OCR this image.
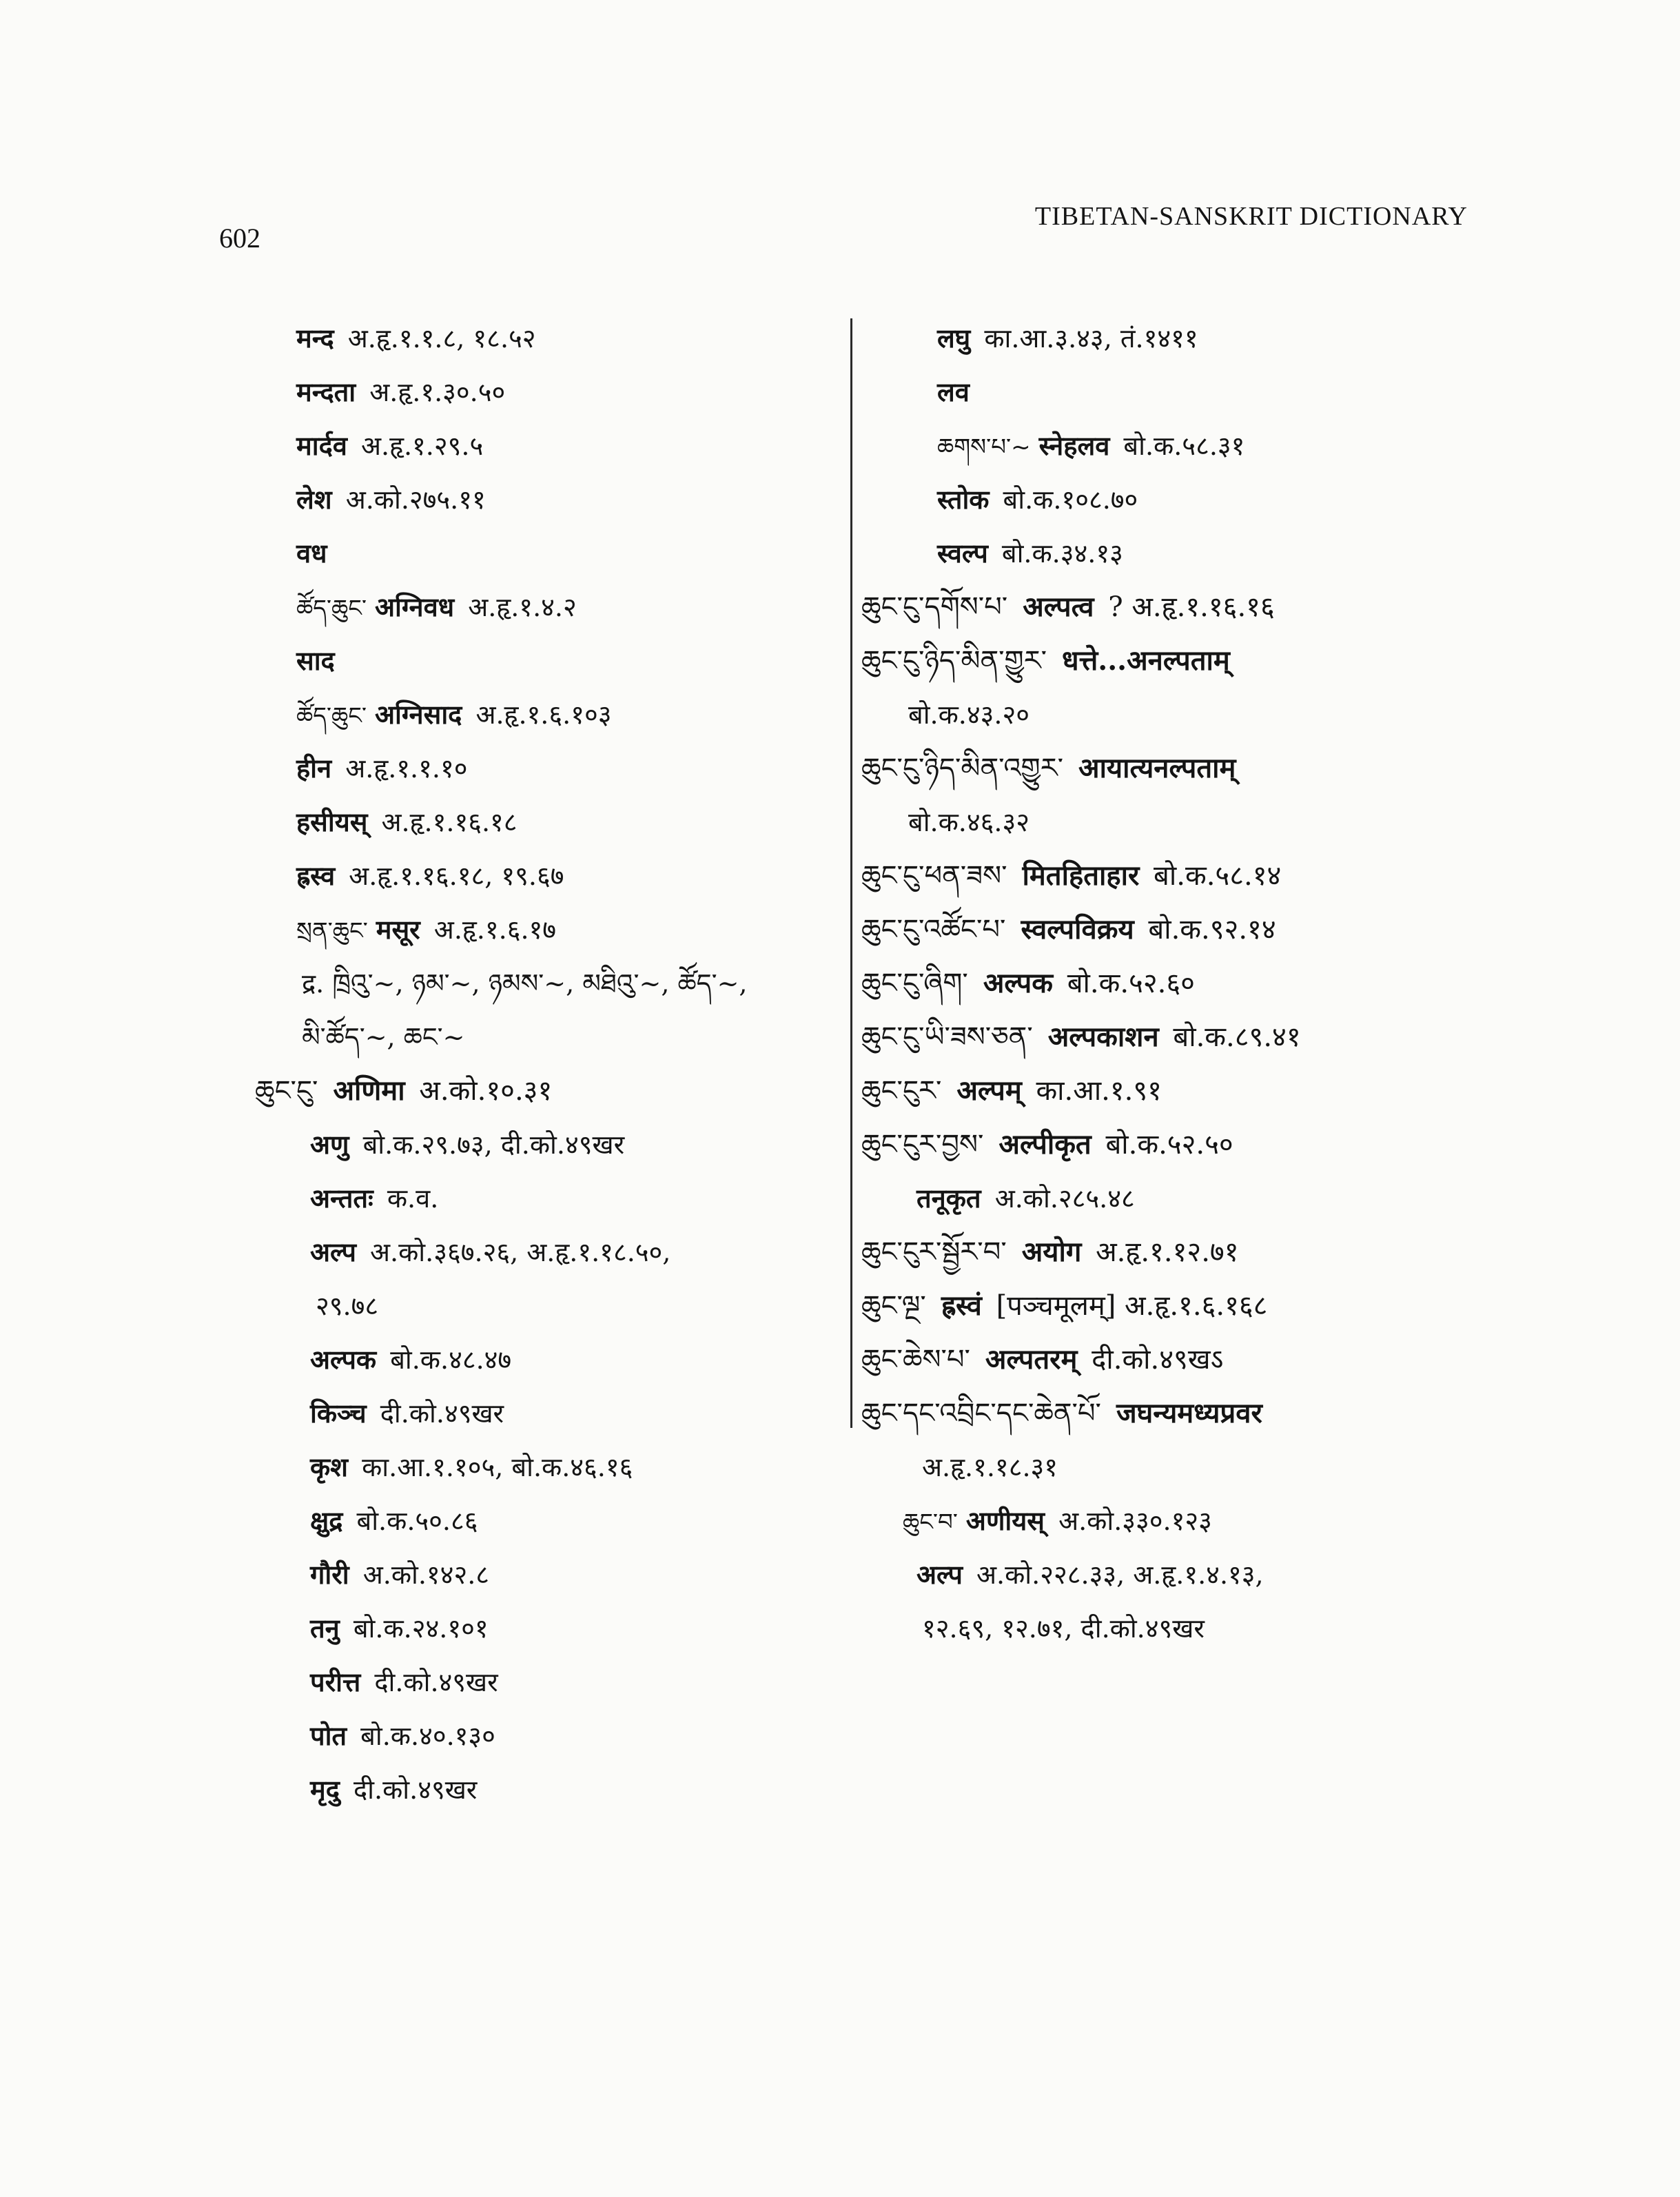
602
TIBETAN-SANSKRIT DICTIONARY
मन्द अ.हृ.१.१.८, १८.५२
मन्दता अ.हृ.१.३०.५०
मार्दव अ.हृ.१.२९.५
लेश अ.को.२७५.११
वध
ཚོད་ཆུང་ अग्निवध अ.हृ.१.४.२
साद
ཚོད་ཆུང་ अग्निसाद अ.हृ.१.६.१०३
हीन अ.हृ.१.१.१०
हसीयस् अ.हृ.१.१६.१८
ह्रस्व अ.हृ.१.१६.१८, १९.६७
སྲན་ཆུང་ मसूर अ.हृ.१.६.१७
द्र. ཁྲིའུ་~, ཉམ་~, ཉམས་~, མཐིའུ་~, ཚོད་~,
མི་ཚོད་~, ཆང་~
ཆུང་ངུ་ अणिमा अ.को.१०.३१
अणु बो.क.२९.७३, दी.को.४९खर
अन्ततः क.व.
अल्प अ.को.३६७.२६, अ.हृ.१.१८.५०,
२९.७८
अल्पक बो.क.४८.४७
किञ्च दी.को.४९खर
कृश का.आ.१.१०५, बो.क.४६.१६
क्षुद्र बो.क.५०.८६
गौरी अ.को.१४२.८
तनु बो.क.२४.१०१
परीत्त दी.को.४९खर
पोत बो.क.४०.१३०
मृदु दी.को.४९खर
लघु का.आ.३.४३, तं.१४११
लव
ཆགས་པ་~ स्नेहलव बो.क.५८.३१
स्तोक बो.क.१०८.७०
स्वल्प बो.क.३४.१३
ཆུང་ངུ་དགོས་པ་ अल्पत्व ? अ.हृ.१.१६.१६
ཆུང་ངུ་ཉིད་མིན་གྱུར་ धत्ते...अनल्पताम्
बो.क.४३.२०
ཆུང་ངུ་ཉིད་མིན་འགྱུར་ आयात्यनल्पताम्
बो.क.४६.३२
ཆུང་ངུ་ཕན་ཟས་ मितहिताहार बो.क.५८.१४
ཆུང་ངུ་འཚོང་པ་ स्वल्पविक्रय बो.क.९२.१४
ཆུང་ངུ་ཞིག་ अल्पक बो.क.५२.६०
ཆུང་ངུ་ཡི་ཟས་ཅན་ अल्पकाशन बो.क.८९.४१
ཆུང་ངུར་ अल्पम् का.आ.१.९१
ཆུང་ངུར་བྱས་ अल्पीकृत बो.क.५२.५०
तनूकृत अ.को.२८५.४८
ཆུང་ངུར་སྦྱོར་བ་ अयोग अ.हृ.१.१२.७१
ཆུང་ལྔ་ ह्रस्वं [पञ्चमूलम्] अ.हृ.१.६.१६८
ཆུང་ཆེས་པ་ अल्पतरम् दी.को.४९खऽ
ཆུང་དང་འབྲིང་དང་ཆེན་པོ་ जघन्यमध्यप्रवर
अ.हृ.१.१८.३१
ཆུང་བ་ अणीयस् अ.को.३३०.१२३
अल्प अ.को.२२८.३३, अ.हृ.१.४.१३,
१२.६९, १२.७१, दी.को.४९खर
